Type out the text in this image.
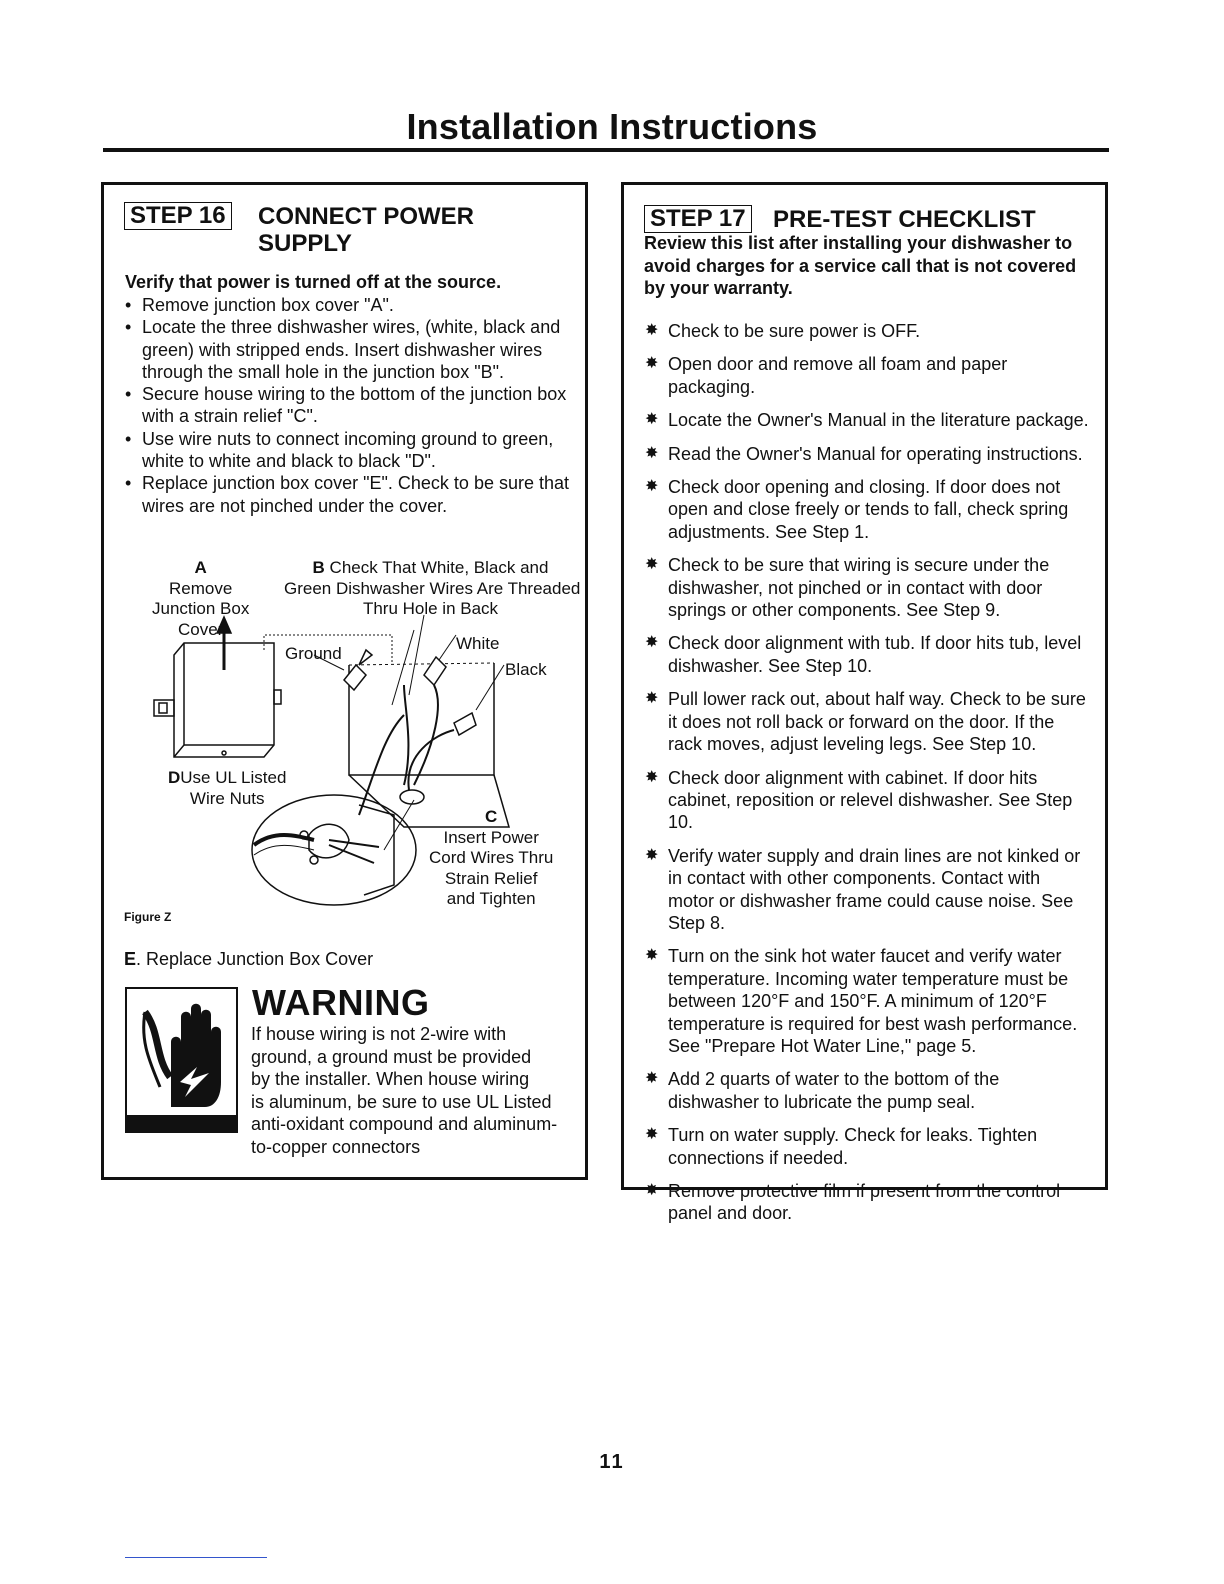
Installation Instructions
STEP 16 CONNECT POWER
SUPPLY
Verify that power is turned off at the source.
• Remove junction box cover "A".
• Locate the three dishwasher wires, (white, black and green) with stripped ends. Insert dishwasher wires through the small hole in the junction box "B".
• Secure house wiring to the bottom of the junction box with a strain relief "C".
• Use wire nuts to connect incoming ground to green, white to white and black to black "D".
• Replace junction box cover "E". Check to be sure that wires are not pinched under the cover.
A
Remove
Junction Box
Cover
B Check That White, Black and
Green Dishwasher Wires Are Threaded
Thru Hole in Back
Ground
White
Black
DUse UL Listed
Wire Nuts
C
Insert Power
Cord Wires Thru
Strain Relief
and Tighten
Figure Z
E. Replace Junction Box Cover
WARNING
If house wiring is not 2-wire with
ground, a ground must be provided
by the installer. When house wiring
is aluminum, be sure to use UL Listed
anti-oxidant compound and aluminum-
to-copper connectors
STEP 17 PRE-TEST CHECKLIST
Review this list after installing your dishwasher to avoid charges for a service call that is not covered by your warranty.
✸ Check to be sure power is OFF.
✸ Open door and remove all foam and paper packaging.
✸ Locate the Owner's Manual in the literature package.
✸ Read the Owner's Manual for operating instructions.
✸ Check door opening and closing. If door does not open and close freely or tends to fall, check spring adjustments. See Step 1.
✸ Check to be sure that wiring is secure under the dishwasher, not pinched or in contact with door springs or other components. See Step 9.
✸ Check door alignment with tub. If door hits tub, level dishwasher. See Step 10.
✸ Pull lower rack out, about half way. Check to be sure it does not roll back or forward on the door. If the rack moves, adjust leveling legs. See Step 10.
✸ Check door alignment with cabinet. If door hits cabinet, reposition or relevel dishwasher. See Step 10.
✸ Verify water supply and drain lines are not kinked or in contact with other components. Contact with motor or dishwasher frame could cause noise. See Step 8.
✸ Turn on the sink hot water faucet and verify water temperature. Incoming water temperature must be between 120°F and 150°F. A minimum of 120°F temperature is required for best wash performance. See "Prepare Hot Water Line," page 5.
✸ Add 2 quarts of water to the bottom of the dishwasher to lubricate the pump seal.
✸ Turn on water supply. Check for leaks. Tighten connections if needed.
✸ Remove protective film if present from the control panel and door.
11
